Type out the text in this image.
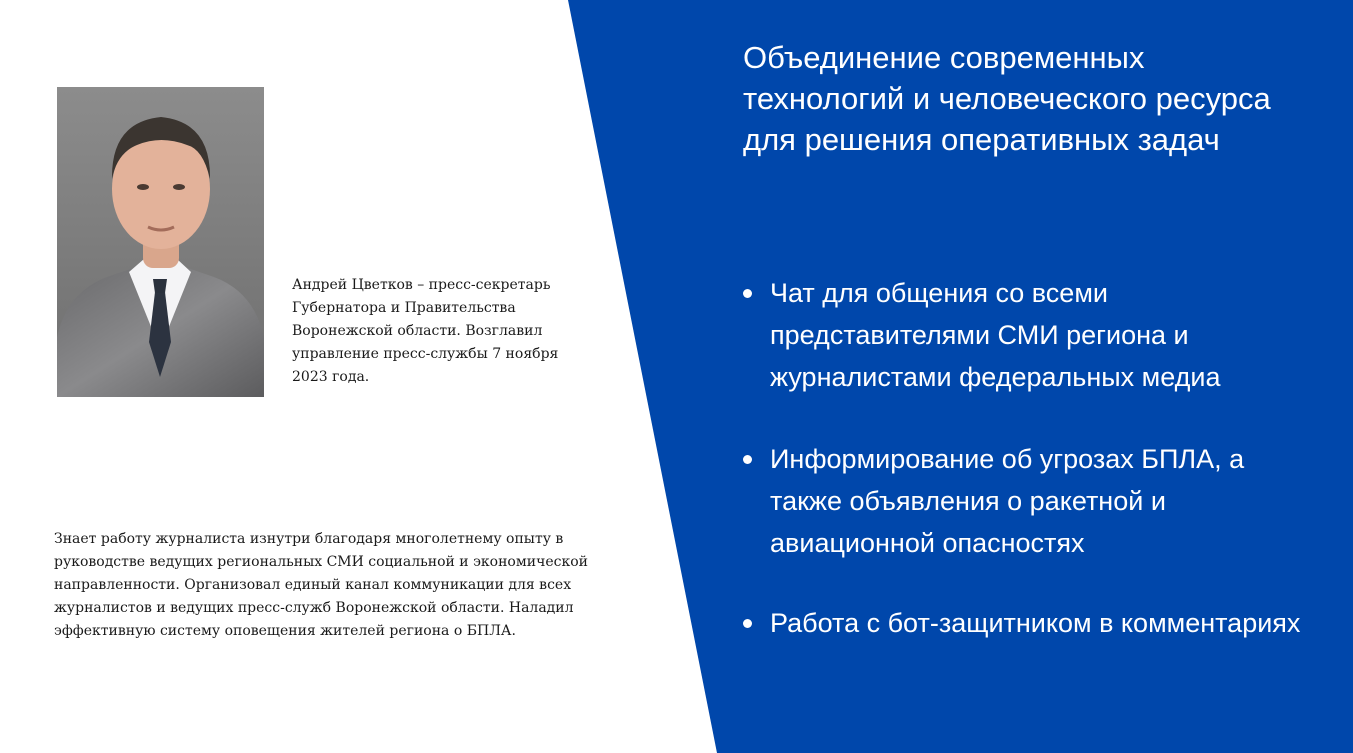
Андрей Цветков – пресс-секретарь Губернатора и Правительства Воронежской области. Возглавил управление пресс-службы 7 ноября 2023 года.
Знает работу журналиста изнутри благодаря многолетнему опыту в руководстве ведущих региональных СМИ социальной и экономической направленности. Организовал единый канал коммуникации для всех журналистов и ведущих пресс-служб Воронежской области. Наладил эффективную систему оповещения жителей региона о БПЛА.
Объединение современных технологий и человеческого ресурса для решения оперативных задач
Чат для общения со всеми представителями СМИ региона и журналистами федеральных медиа
Информирование об угрозах БПЛА, а также объявления о ракетной и авиационной опасностях
Работа с бот-защитником в комментариях
